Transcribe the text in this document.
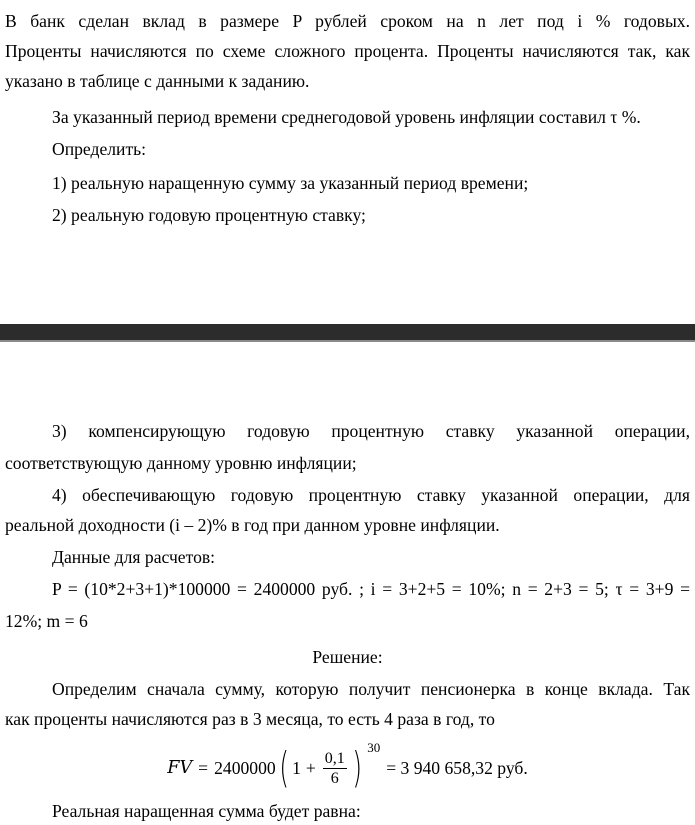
В банк сделан вклад в размере P рублей сроком на n лет под i % годовых.
Проценты начисляются по схеме сложного процента. Проценты начисляются так, как
указано в таблице с данными к заданию.
За указанный период времени среднегодовой уровень инфляции составил τ %.
Определить:
1) реальную наращенную сумму за указанный период времени;
2) реальную годовую процентную ставку;
3) компенсирующую годовую процентную ставку указанной операции,
соответствующую данному уровню инфляции;
4) обеспечивающую годовую процентную ставку указанной операции, для
реальной доходности (i – 2)% в год при данном уровне инфляции.
Данные для расчетов:
P = (10*2+3+1)*100000 = 2400000 руб. ; i = 3+2+5 = 10%; n = 2+3 = 5; τ = 3+9 =
12%; m = 6
Решение:
Определим сначала сумму, которую получит пенсионерка в конце вклада. Так
как проценты начисляются раз в 3 месяца, то есть 4 раза в год, то
FV = 2400000 ( $1 + \frac{0,1}{6}$ ) 30
= 3 940 658,32 руб.
Реальная наращенная сумма будет равна:
